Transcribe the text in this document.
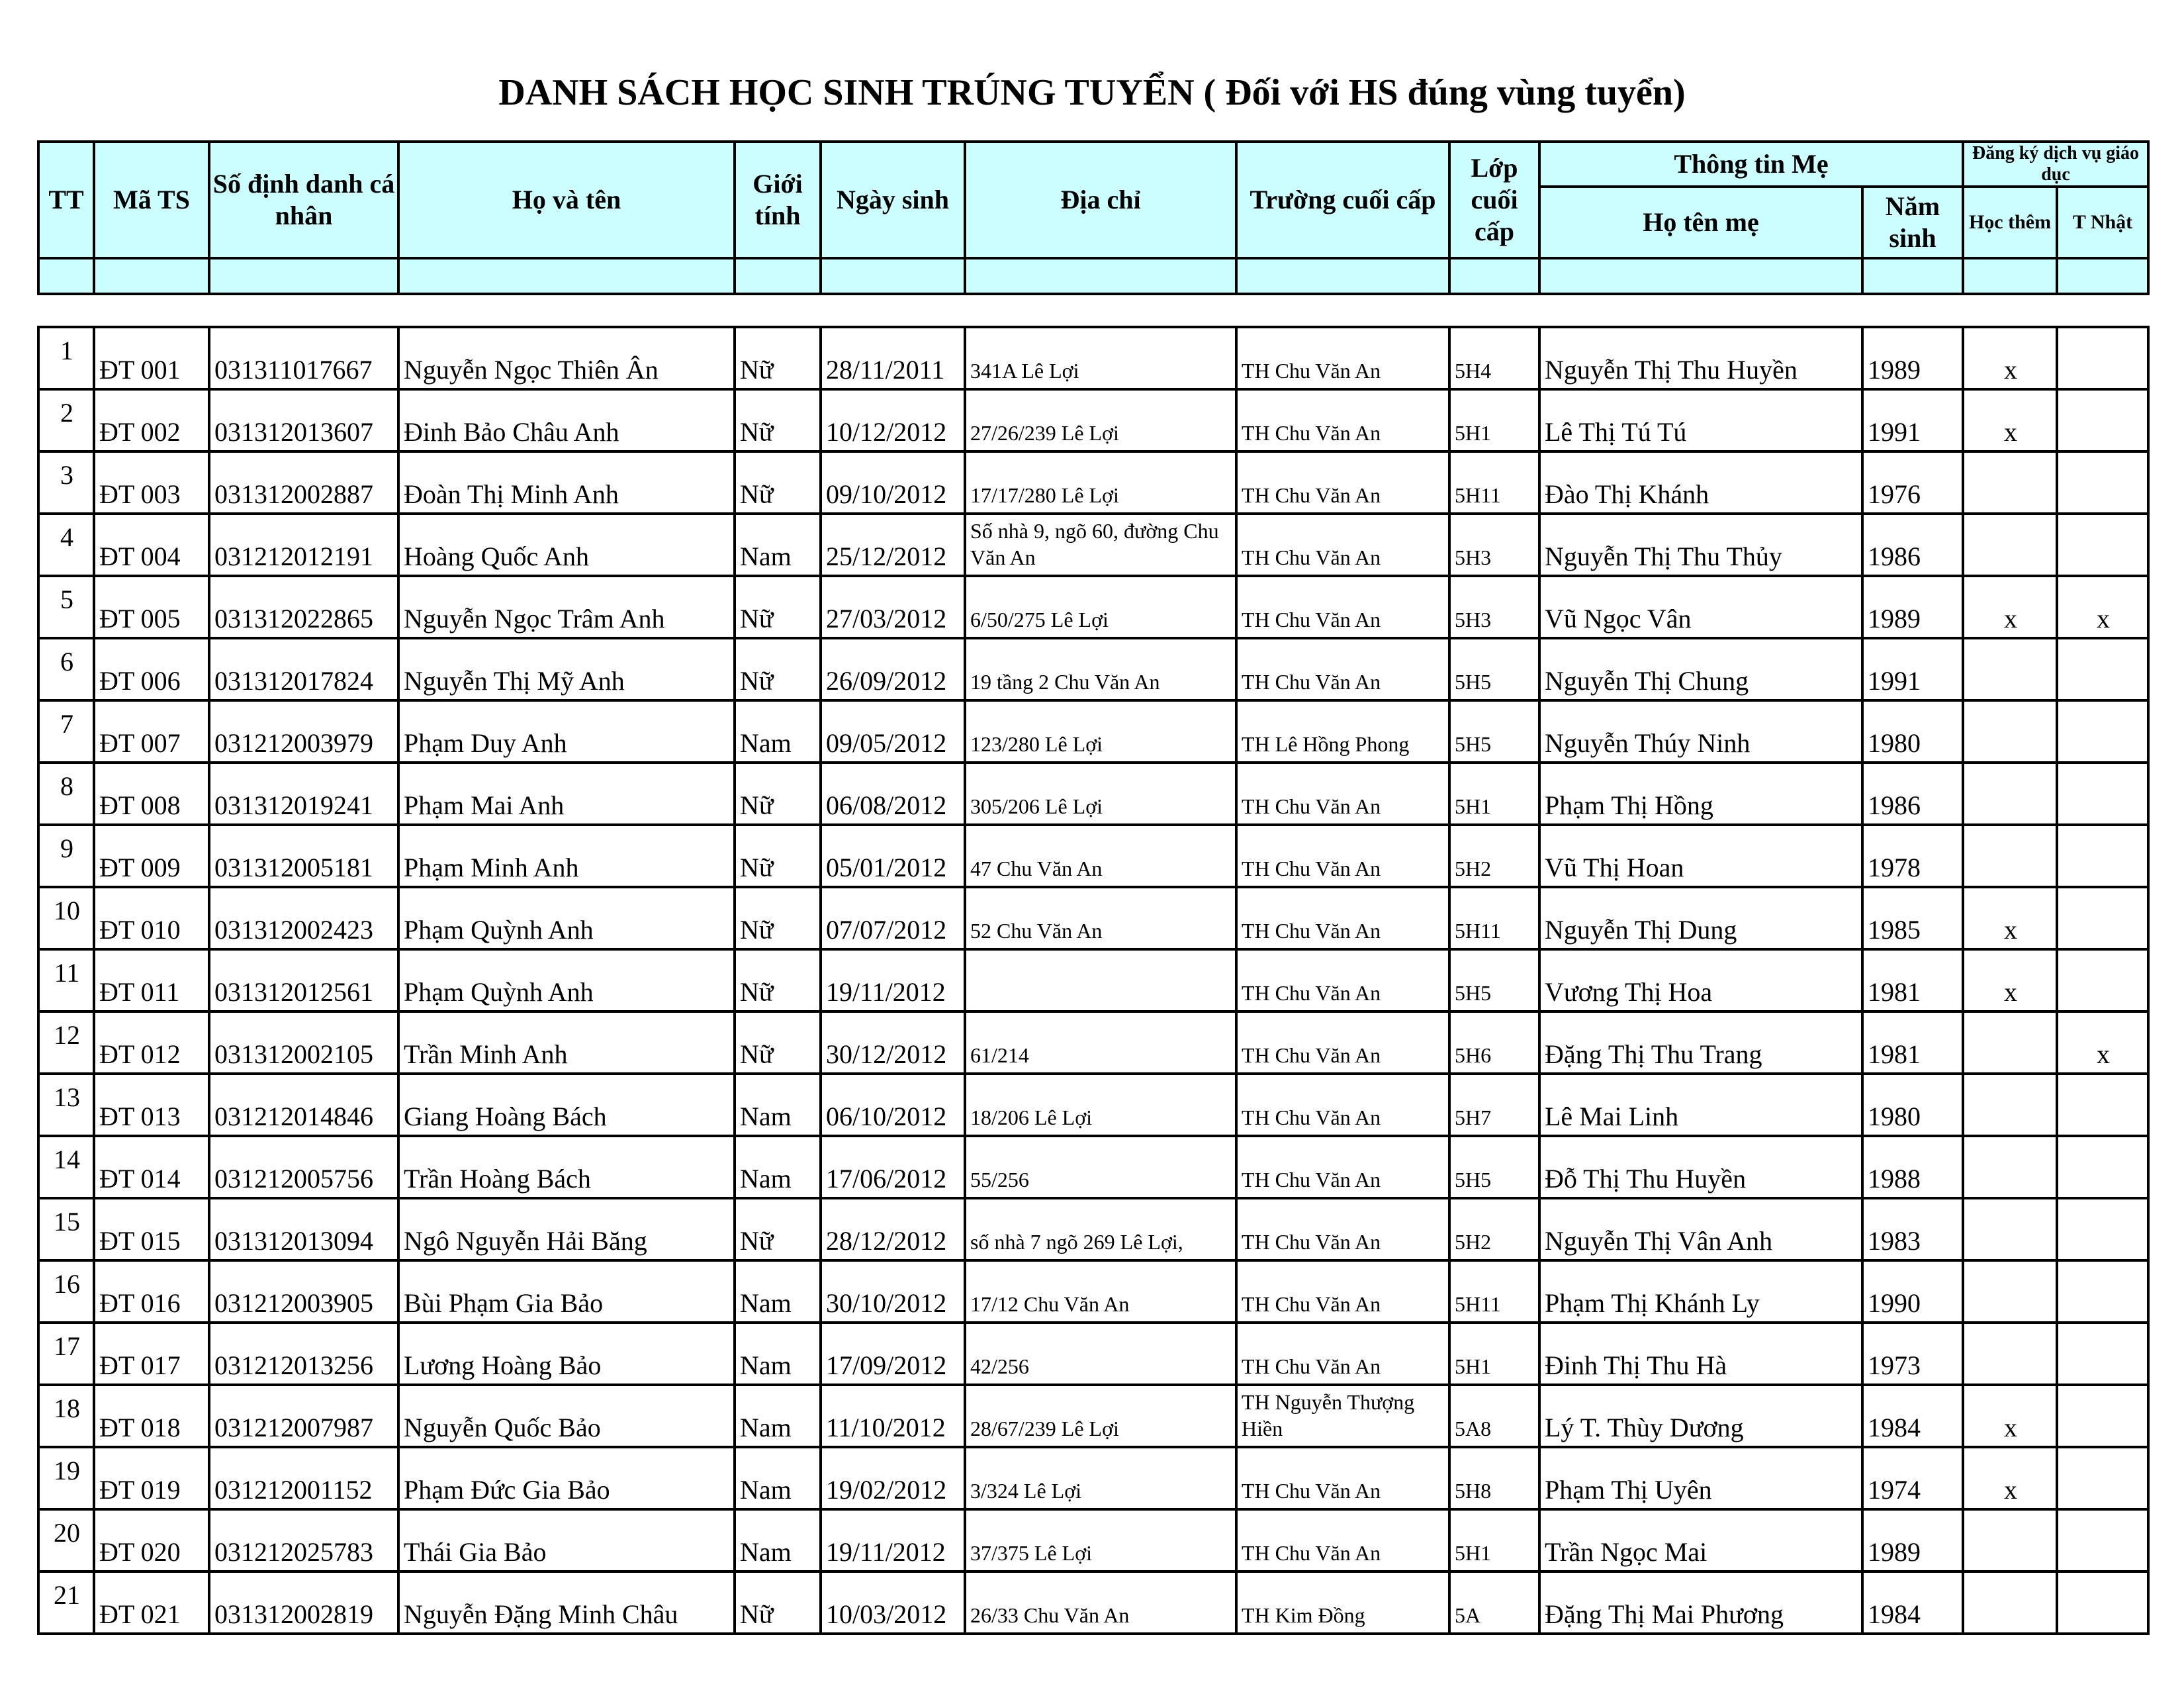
DANH SÁCH HỌC SINH TRÚNG TUYỂN ( Đối với HS đúng vùng tuyển)
TT	Mã TS	Số định danh cá nhân	Họ và tên	Giới tính	Ngày sinh	Địa chỉ	Trường cuối cấp	Lớp cuối cấp	Thông tin Mẹ		Đăng ký dịch vụ giáo dục	
									Họ tên mẹ	Năm sinh	Học thêm	T Nhật

1	ĐT 001	031311017667	Nguyễn Ngọc Thiên Ân	Nữ	28/11/2011	341A Lê Lợi	TH Chu Văn An	5H4	Nguyễn Thị Thu Huyền	1989	x	
2	ĐT 002	031312013607	Đinh Bảo Châu Anh	Nữ	10/12/2012	27/26/239 Lê Lợi	TH Chu Văn An	5H1	Lê Thị Tú Tú	1991	x	
3	ĐT 003	031312002887	Đoàn Thị Minh Anh	Nữ	09/10/2012	17/17/280 Lê Lợi	TH Chu Văn An	5H11	Đào Thị Khánh	1976		
4	ĐT 004	031212012191	Hoàng Quốc Anh	Nam	25/12/2012	Số nhà 9, ngõ 60, đường Chu Văn An	TH Chu Văn An	5H3	Nguyễn Thị Thu Thủy	1986		
5	ĐT 005	031312022865	Nguyễn Ngọc Trâm Anh	Nữ	27/03/2012	6/50/275 Lê Lợi	TH Chu Văn An	5H3	Vũ Ngọc Vân	1989	x	x
6	ĐT 006	031312017824	Nguyễn Thị Mỹ Anh	Nữ	26/09/2012	19 tầng 2 Chu Văn An	TH Chu Văn An	5H5	Nguyễn Thị Chung	1991		
7	ĐT 007	031212003979	Phạm Duy Anh	Nam	09/05/2012	123/280 Lê Lợi	TH Lê Hồng Phong	5H5	Nguyễn Thúy Ninh	1980		
8	ĐT 008	031312019241	Phạm Mai Anh	Nữ	06/08/2012	305/206 Lê Lợi	TH Chu Văn An	5H1	Phạm Thị Hồng	1986		
9	ĐT 009	031312005181	Phạm Minh Anh	Nữ	05/01/2012	47 Chu Văn An	TH Chu Văn An	5H2	Vũ Thị Hoan	1978		
10	ĐT 010	031312002423	Phạm Quỳnh Anh	Nữ	07/07/2012	52 Chu Văn An	TH Chu Văn An	5H11	Nguyễn Thị Dung	1985	x	
11	ĐT 011	031312012561	Phạm Quỳnh Anh	Nữ	19/11/2012		TH Chu Văn An	5H5	Vương Thị Hoa	1981	x	
12	ĐT 012	031312002105	Trần Minh Anh	Nữ	30/12/2012	61/214	TH Chu Văn An	5H6	Đặng Thị Thu Trang	1981		x
13	ĐT 013	031212014846	Giang Hoàng Bách	Nam	06/10/2012	18/206 Lê Lợi	TH Chu Văn An	5H7	Lê Mai Linh	1980		
14	ĐT 014	031212005756	Trần Hoàng Bách	Nam	17/06/2012	55/256	TH Chu Văn An	5H5	Đỗ Thị Thu Huyền	1988		
15	ĐT 015	031312013094	Ngô Nguyễn Hải Băng	Nữ	28/12/2012	số nhà 7 ngõ 269 Lê Lợi,	TH Chu Văn An	5H2	Nguyễn Thị Vân Anh	1983		
16	ĐT 016	031212003905	Bùi Phạm Gia Bảo	Nam	30/10/2012	17/12 Chu Văn An	TH Chu Văn An	5H11	Phạm Thị Khánh Ly	1990		
17	ĐT 017	031212013256	Lương Hoàng Bảo	Nam	17/09/2012	42/256	TH Chu Văn An	5H1	Đinh Thị Thu Hà	1973		
18	ĐT 018	031212007987	Nguyễn Quốc Bảo	Nam	11/10/2012	28/67/239 Lê Lợi	TH Nguyễn Thượng Hiền	5A8	Lý T. Thùy Dương	1984	x	
19	ĐT 019	031212001152	Phạm Đức Gia Bảo	Nam	19/02/2012	3/324 Lê Lợi	TH Chu Văn An	5H8	Phạm Thị Uyên	1974	x	
20	ĐT 020	031212025783	Thái Gia Bảo	Nam	19/11/2012	37/375 Lê Lợi	TH Chu Văn An	5H1	Trần Ngọc Mai	1989		
21	ĐT 021	031312002819	Nguyễn Đặng Minh Châu	Nữ	10/03/2012	26/33 Chu Văn An	TH Kim Đồng	5A	Đặng Thị Mai Phương	1984		
